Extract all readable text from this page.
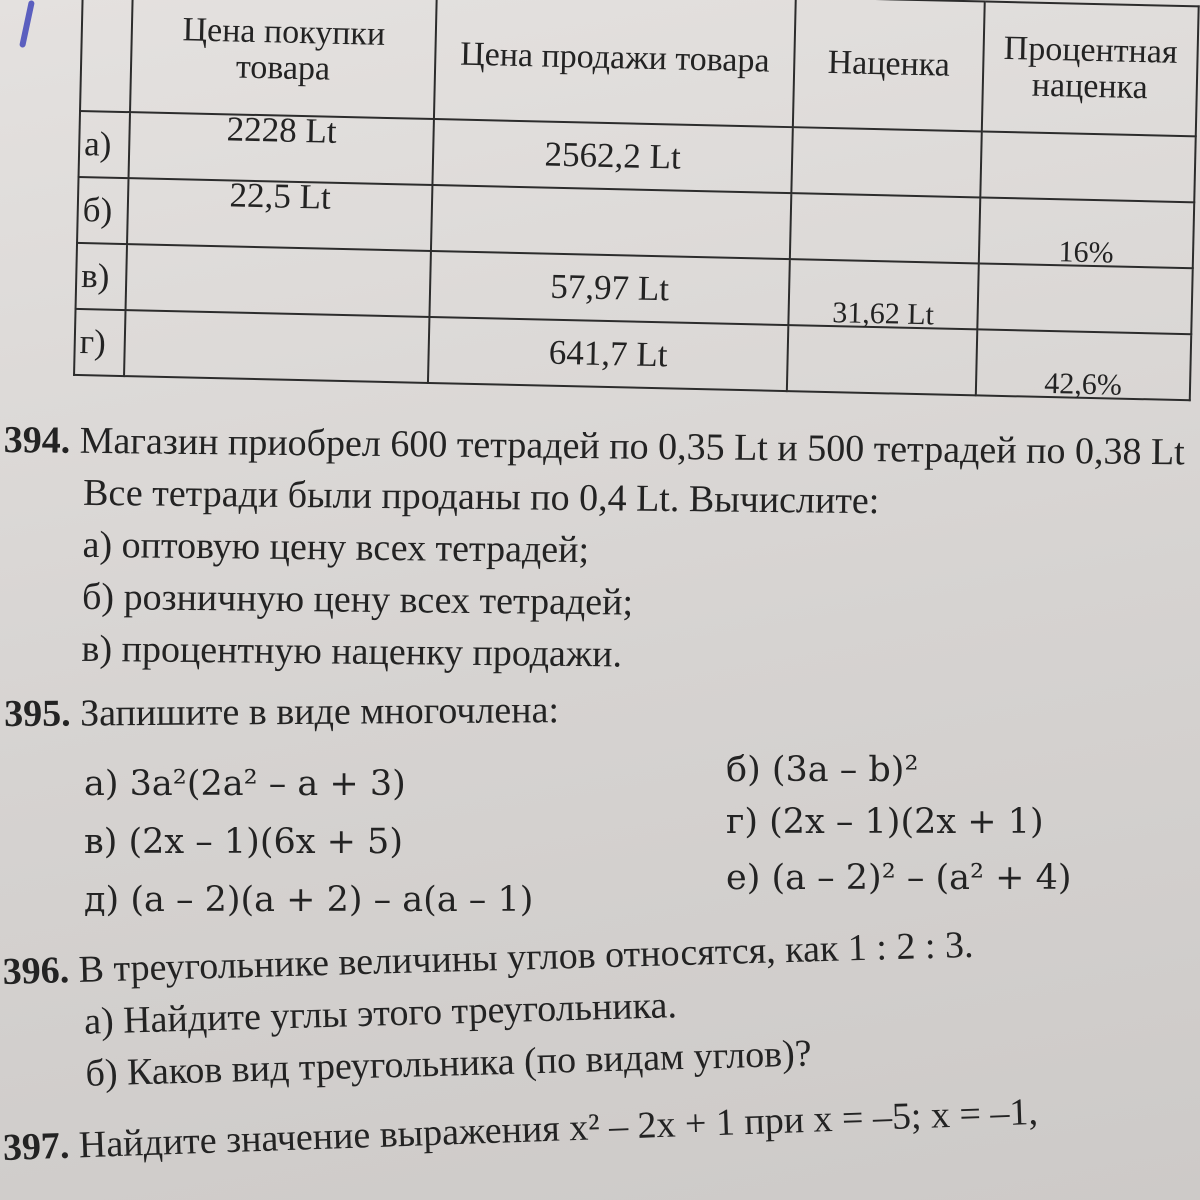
	Цена покупки товара	Цена продажи товара	Наценка	Процентная наценка
а)	2228 Lt	2562,2 Lt		
б)	22,5 Lt			16%
в)		57,97 Lt	31,62 Lt	
г)		641,7 Lt		42,6%
394. Магазин приобрел 600 тетрадей по 0,35 Lt и 500 тетрадей по 0,38 Lt
Все тетради были проданы по 0,4 Lt. Вычислите:
а) оптовую цену всех тетрадей;
б) розничную цену всех тетрадей;
в) процентную наценку продажи.
395. Запишите в виде многочлена:
а) 3a²(2a² – a + 3)	б) (3a – b)²
в) (2x – 1)(6x + 5)	г) (2x – 1)(2x + 1)
д) (a – 2)(a + 2) – a(a – 1)
е) (a – 2)² – (a² + 4)
396. В треугольнике величины углов относятся, как 1 : 2 : 3.
а) Найдите углы этого треугольника.
б) Каков вид треугольника (по видам углов)?
397. Найдите значение выражения x² – 2x + 1 при x = –5; x = –1,
